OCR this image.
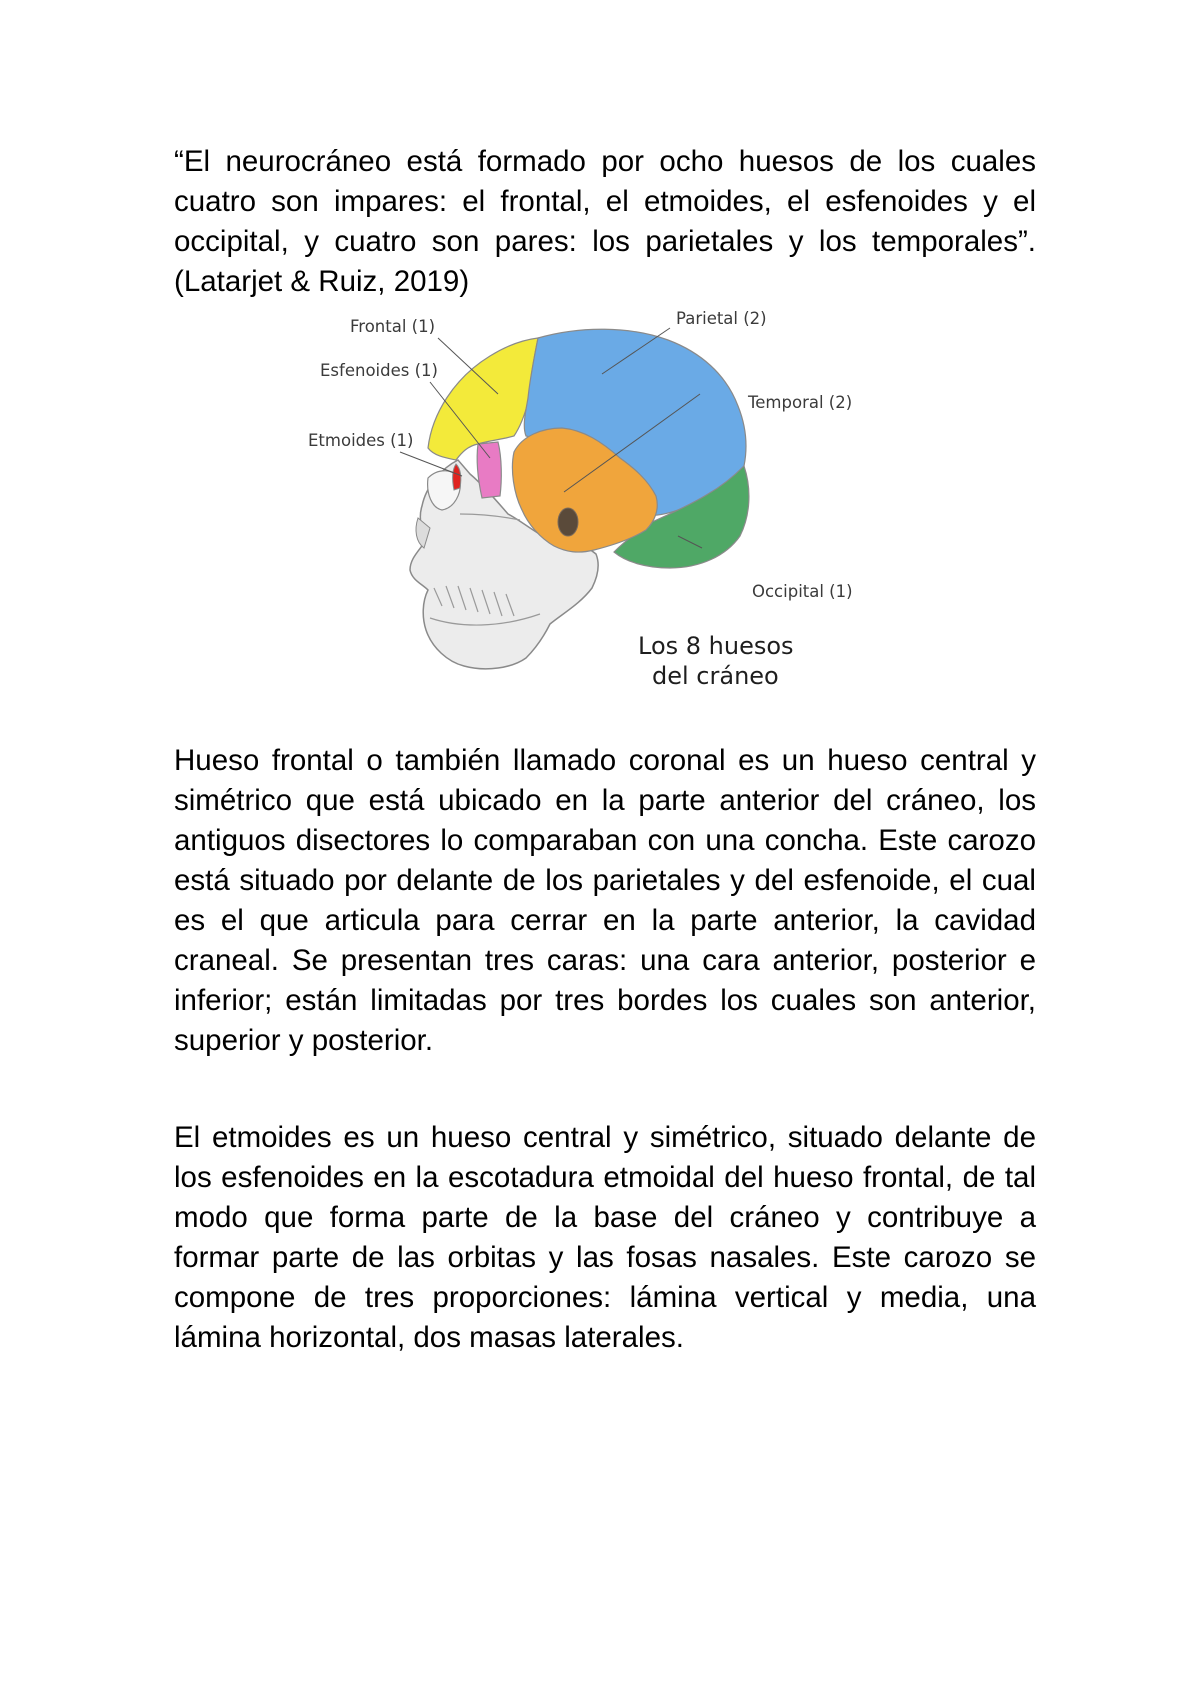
“El neurocráneo está formado por ocho huesos de los cuales cuatro son impares: el frontal, el etmoides, el esfenoides y el occipital, y cuatro son pares: los parietales y los temporales”. (Latarjet & Ruiz, 2019)

Frontal (1)
Esfenoides (1)
Etmoides (1)
Parietal (2)
Temporal (2)
Occipital (1)
Los 8 huesos
del cráneo

Hueso frontal o también llamado coronal es un hueso central y simétrico que está ubicado en la parte anterior del cráneo, los antiguos disectores lo comparaban con una concha. Este carozo está situado por delante de los parietales y del esfenoide, el cual es el que articula para cerrar en la parte anterior, la cavidad craneal. Se presentan tres caras: una cara anterior, posterior e inferior; están limitadas por tres bordes los cuales son anterior, superior y posterior.

El etmoides es un hueso central y simétrico, situado delante de los esfenoides en la escotadura etmoidal del hueso frontal, de tal modo que forma parte de la base del cráneo y contribuye a formar parte de las orbitas y las fosas nasales. Este carozo se compone de tres proporciones: lámina vertical y media, una lámina horizontal, dos masas laterales.
